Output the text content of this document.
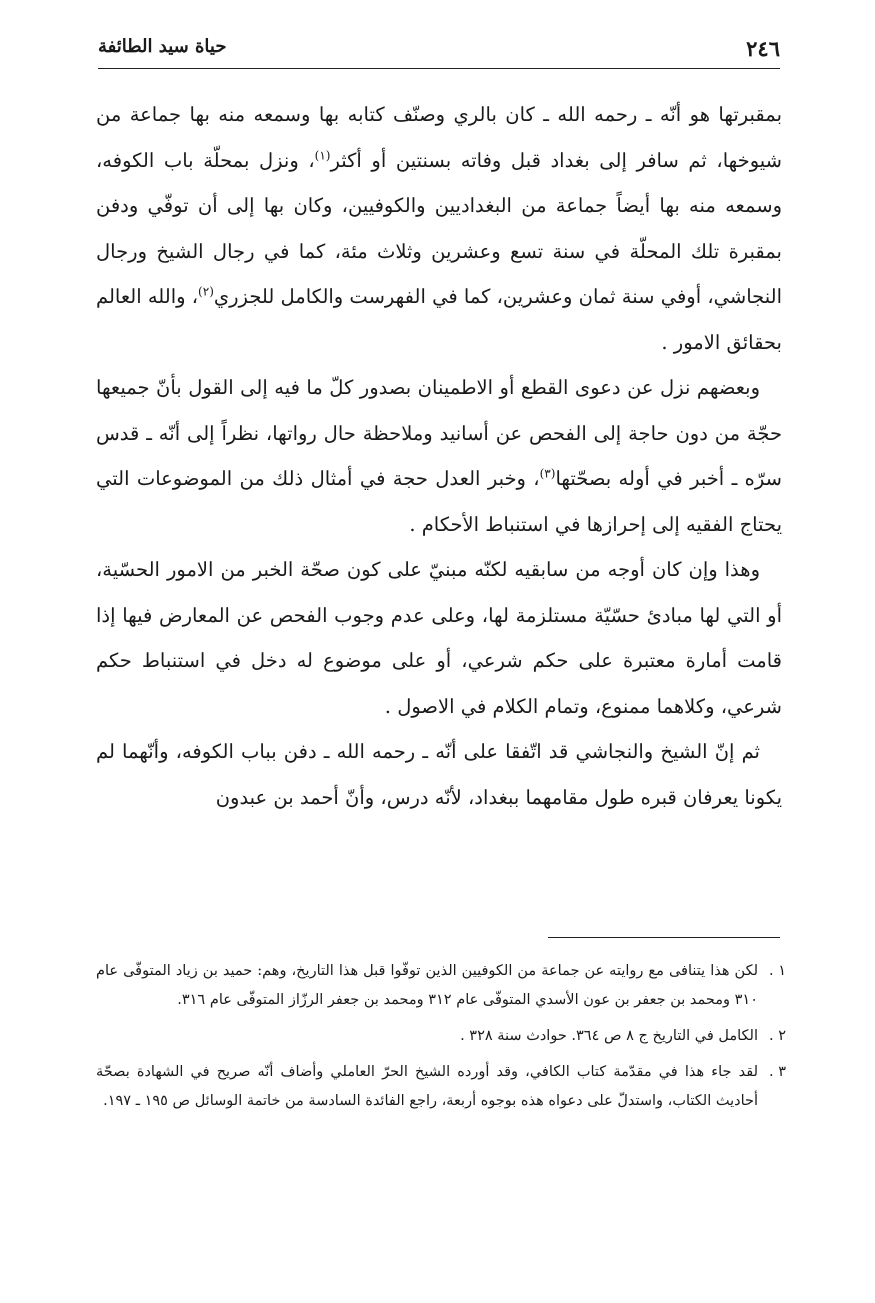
٢٤٦
حياة سيد الطائفة

بمقبرتها هو أنّه ـ رحمه الله ـ كان بالري وصنّف كتابه بها وسمعه منه بها جماعة من شيوخها، ثم سافر إلى بغداد قبل وفاته بسنتين أو أكثر$^{(١)}$، ونزل بمحلّة باب الكوفه، وسمعه منه بها أيضاً جماعة من البغداديين والكوفيين، وكان بها إلى أن توفّي ودفن بمقبرة تلك المحلّة في سنة تسع وعشرين وثلاث مئة، كما في رجال الشيخ ورجال النجاشي، أوفي سنة ثمان وعشرين، كما في الفهرست والكامل للجزري$^{(٢)}$، والله العالم بحقائق الامور .

وبعضهم نزل عن دعوى القطع أو الاطمينان بصدور كلّ ما فيه إلى القول بأنّ جميعها حجّة من دون حاجة إلى الفحص عن أسانيد وملاحظة حال رواتها، نظراً إلى أنّه ـ قدس سرّه ـ أخبر في أوله بصحّتها$^{(٣)}$، وخبر العدل حجة في أمثال ذلك من الموضوعات التي يحتاج الفقيه إلى إحرازها في استنباط الأحكام .

وهذا وإن كان أوجه من سابقيه لكنّه مبنيّ على كون صحّة الخبر من الامور الحسّية، أو التي لها مبادئ حسّيّة مستلزمة لها، وعلى عدم وجوب الفحص عن المعارض فيها إذا قامت أمارة معتبرة على حكم شرعي، أو على موضوع له دخل في استنباط حكم شرعي، وكلاهما ممنوع، وتمام الكلام في الاصول .

ثم إنّ الشيخ والنجاشي قد اتّفقا على أنّه ـ رحمه الله ـ دفن بباب الكوفه، وأنّهما لم يكونا يعرفان قبره طول مقامهما ببغداد، لأنّه درس، وأنّ أحمد بن عبدون

١ .
لكن هذا يتنافى مع روايته عن جماعة من الكوفيين الذين توفّوا قبل هذا التاريخ، وهم: حميد بن زياد المتوفّى عام ٣١٠ ومحمد بن جعفر بن عون الأسدي المتوفّى عام ٣١٢ ومحمد بن جعفر الرزّاز المتوفّى عام ٣١٦.
٢ .
الكامل في التاريخ ج ٨ ص ٣٦٤. حوادث سنة ٣٢٨ .
٣ .
لقد جاء هذا في مقدّمة كتاب الكافي، وقد أورده الشيخ الحرّ العاملي وأضاف أنّه صريح في الشهادة بصحّة أحاديث الكتاب، واستدلّ على دعواه هذه بوجوه أربعة، راجع الفائدة السادسة من خاتمة الوسائل ص ١٩٥ ـ ١٩٧.
